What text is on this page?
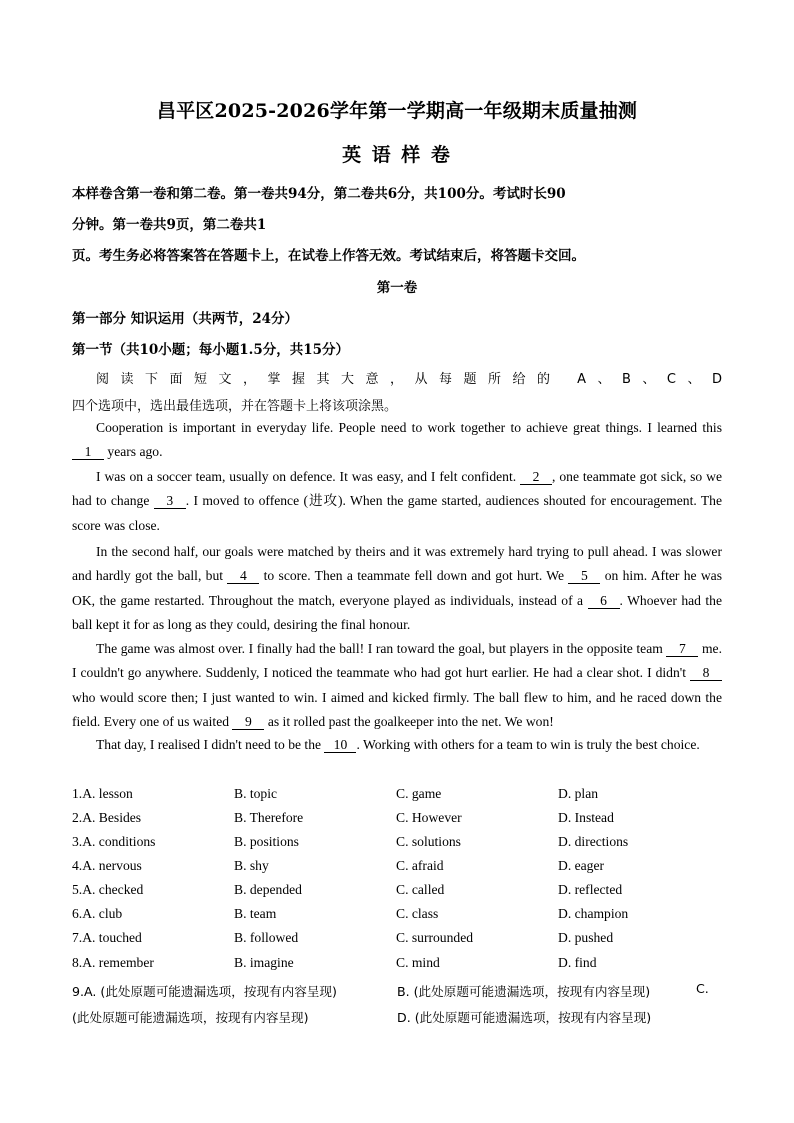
昌平区2025-2026学年第一学期高一年级期末质量抽测
英 语 样 卷
本样卷含第一卷和第二卷。第一卷共94分，第二卷共6分，共100分。考试时长90
分钟。第一卷共9页，第二卷共1
页。考生务必将答案答在答题卡上，在试卷上作答无效。考试结束后，将答题卡交回。
第一卷
第一部分 知识运用（共两节，24分）
第一节（共10小题；每小题1.5分，共15分）
阅读下面短文，掌握其大意，从每题所给的 A、B、C、D
四个选项中，选出最佳选项，并在答题卡上将该项涂黑。

Cooperation is important in everyday life. People need to work together to achieve great things. I learned this 1 years ago.

I was on a soccer team, usually on defence. It was easy, and I felt confident. 2 , one teammate got sick, so we had to change 3 . I moved to offence (进攻). When the game started, audiences shouted for encouragement. The score was close.

In the second half, our goals were matched by theirs and it was extremely hard trying to pull ahead. I was slower and hardly got the ball, but 4 to score. Then a teammate fell down and got hurt. We 5 on him. After he was OK, the game restarted. Throughout the match, everyone played as individuals, instead of a 6 . Whoever had the ball kept it for as long as they could, desiring the final honour.

The game was almost over. I finally had the ball! I ran toward the goal, but players in the opposite team 7 me. I couldn't go anywhere. Suddenly, I noticed the teammate who had got hurt earlier. He had a clear shot. I didn't 8 who would score then; I just wanted to win. I aimed and kicked firmly. The ball flew to him, and he raced down the field. Every one of us waited 9 as it rolled past the goalkeeper into the net. We won!

That day, I realised I didn't need to be the 10 . Working with others for a team to win is truly the best choice.

1.A. lesson	B. topic	C. game	D. plan
2.A. Besides	B. Therefore	C. However	D. Instead
3.A. conditions	B. positions	C. solutions	D. directions
4.A. nervous	B. shy	C. afraid	D. eager
5.A. checked	B. depended	C. called	D. reflected
6.A. club	B. team	C. class	D. champion
7.A. touched	B. followed	C. surrounded	D. pushed
8.A. remember	B. imagine	C. mind	D. find
9.A. (此处原题可能遗漏选项，按现有内容呈现)	B. (此处原题可能遗漏选项，按现有内容呈现)	C.
(此处原题可能遗漏选项，按现有内容呈现)	D. (此处原题可能遗漏选项，按现有内容呈现)
